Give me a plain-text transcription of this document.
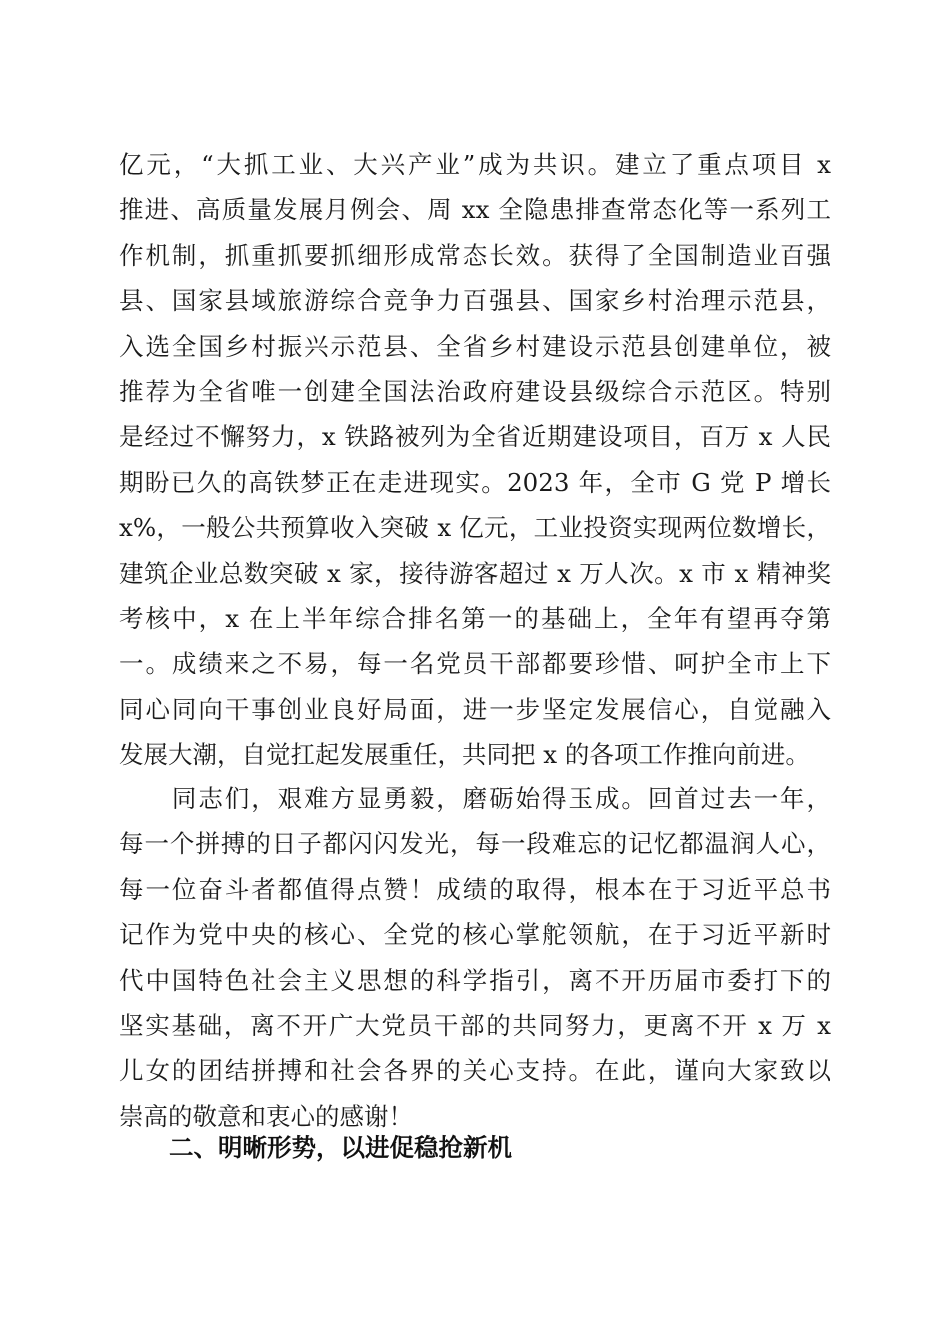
亿元，“大抓工业、大兴产业”成为共识。建立了重点项目 x
推进、高质量发展月例会、周 xx 全隐患排查常态化等一系列工
作机制，抓重抓要抓细形成常态长效。获得了全国制造业百强
县、国家县域旅游综合竞争力百强县、国家乡村治理示范县，
入选全国乡村振兴示范县、全省乡村建设示范县创建单位，被
推荐为全省唯一创建全国法治政府建设县级综合示范区。特别
是经过不懈努力，x 铁路被列为全省近期建设项目，百万 x 人民
期盼已久的高铁梦正在走进现实。2023 年，全市 G 党 P 增长
x%，一般公共预算收入突破 x 亿元，工业投资实现两位数增长，
建筑企业总数突破 x 家，接待游客超过 x 万人次。x 市 x 精神奖
考核中，x 在上半年综合排名第一的基础上，全年有望再夺第
一。成绩来之不易，每一名党员干部都要珍惜、呵护全市上下
同心同向干事创业良好局面，进一步坚定发展信心，自觉融入
发展大潮，自觉扛起发展重任，共同把 x 的各项工作推向前进。
　　同志们，艰难方显勇毅，磨砺始得玉成。回首过去一年，
每一个拼搏的日子都闪闪发光，每一段难忘的记忆都温润人心，
每一位奋斗者都值得点赞！成绩的取得，根本在于习近平总书
记作为党中央的核心、全党的核心掌舵领航，在于习近平新时
代中国特色社会主义思想的科学指引，离不开历届市委打下的
坚实基础，离不开广大党员干部的共同努力，更离不开 x 万 x
儿女的团结拼搏和社会各界的关心支持。在此，谨向大家致以
崇高的敬意和衷心的感谢！
二、明晰形势，以进促稳抢新机
